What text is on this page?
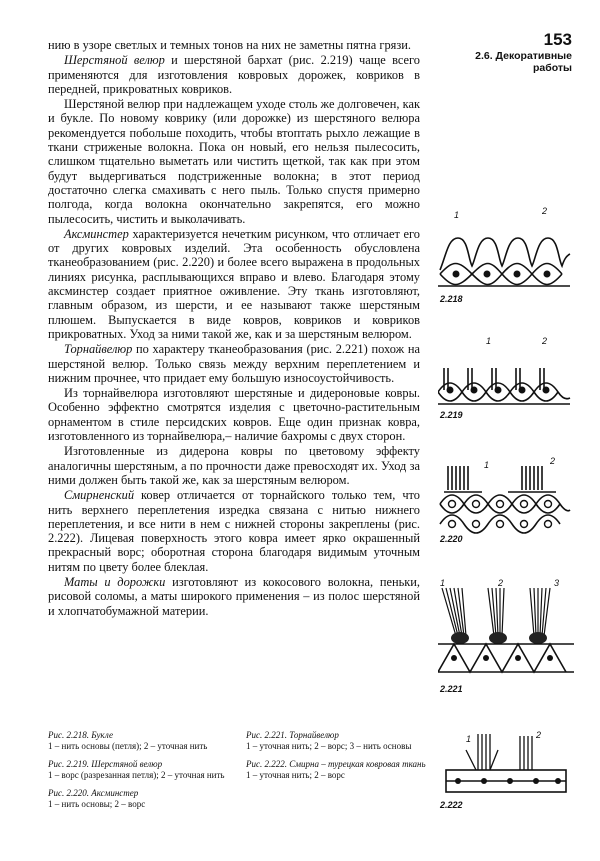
153
2.6. Декоративные работы

нию в узоре светлых и темных тонов на них не заметны пятна грязи.

Шерстяной велюр и шерстяной бархат (рис. 2.219) чаще всего применяются для изготовления ковровых дорожек, ковриков в передней, прикроватных ковриков.

Шерстяной велюр при надлежащем уходе столь же долговечен, как и букле. По новому коврику (или дорожке) из шерстяного велюра рекомендуется побольше походить, чтобы втоптать рыхло лежащие в ткани стриженые волокна. Пока он новый, его нельзя пылесосить, слишком тщательно выметать или чистить щеткой, так как при этом будут выдергиваться подстриженные волокна; в этот период достаточно слегка смахивать с него пыль. Только спустя примерно полгода, когда волокна окончательно закрепятся, его можно пылесосить, чистить и выколачивать.

Аксминстер характеризуется нечетким рисунком, что отличает его от других ковровых изделий. Эта особенность обусловлена тканеобразованием (рис. 2.220) и более всего выражена в продольных линиях рисунка, расплывающихся вправо и влево. Благодаря этому аксминстер создает приятное оживление. Эту ткань изготовляют, главным образом, из шерсти, и ее называют также шерстяным плюшем. Выпускается в виде ковров, ковриков и ковриков прикроватных. Уход за ними такой же, как и за шерстяным велюром.

Торнайвелюр по характеру тканеобразования (рис. 2.221) похож на шерстяной велюр. Только связь между верхним переплетением и нижним прочнее, что придает ему большую износоустойчивость.

Из торнайвелюра изготовляют шерстяные и дидероновые ковры. Особенно эффектно смотрятся изделия с цветочно-растительным орнаментом в стиле персидских ковров. Еще один признак ковра, изготовленного из торнайвелюра,– наличие бахромы с двух сторон.

Изготовленные из дидерона ковры по цветовому эффекту аналогичны шерстяным, а по прочности даже превосходят их. Уход за ними должен быть такой же, как за шерстяным велюром.

Смирненский ковер отличается от торнайского только тем, что нить верхнего переплетения изредка связана с нитью нижнего переплетения, и все нити в нем с нижней стороны закреплены (рис. 2.222). Лицевая поверхность этого ковра имеет ярко окрашенный прекрасный ворс; оборотная сторона благодаря видимым уточным нитям по цвету более блеклая.

Маты и дорожки изготовляют из кокосового волокна, пеньки, рисовой соломы, а маты широкого применения – из полос шерстяной и хлопчатобумажной материи.

Рис. 2.218. Букле
1 – нить основы (петля); 2 – уточная нить
Рис. 2.219. Шерстяной велюр
1 – ворс (разрезанная петля); 2 – уточная нить
Рис. 2.220. Аксминстер
1 – нить основы; 2 – ворс
Рис. 2.221. Торнайвелюр
1 – уточная нить; 2 – ворс; 3 – нить основы
Рис. 2.222. Смирна – турецкая ковровая ткань
1 – уточная нить; 2 – ворс
1	2
2.218
1	2
2.219
1	2
2.220
1	2	3
2.221
1	2
2.222
